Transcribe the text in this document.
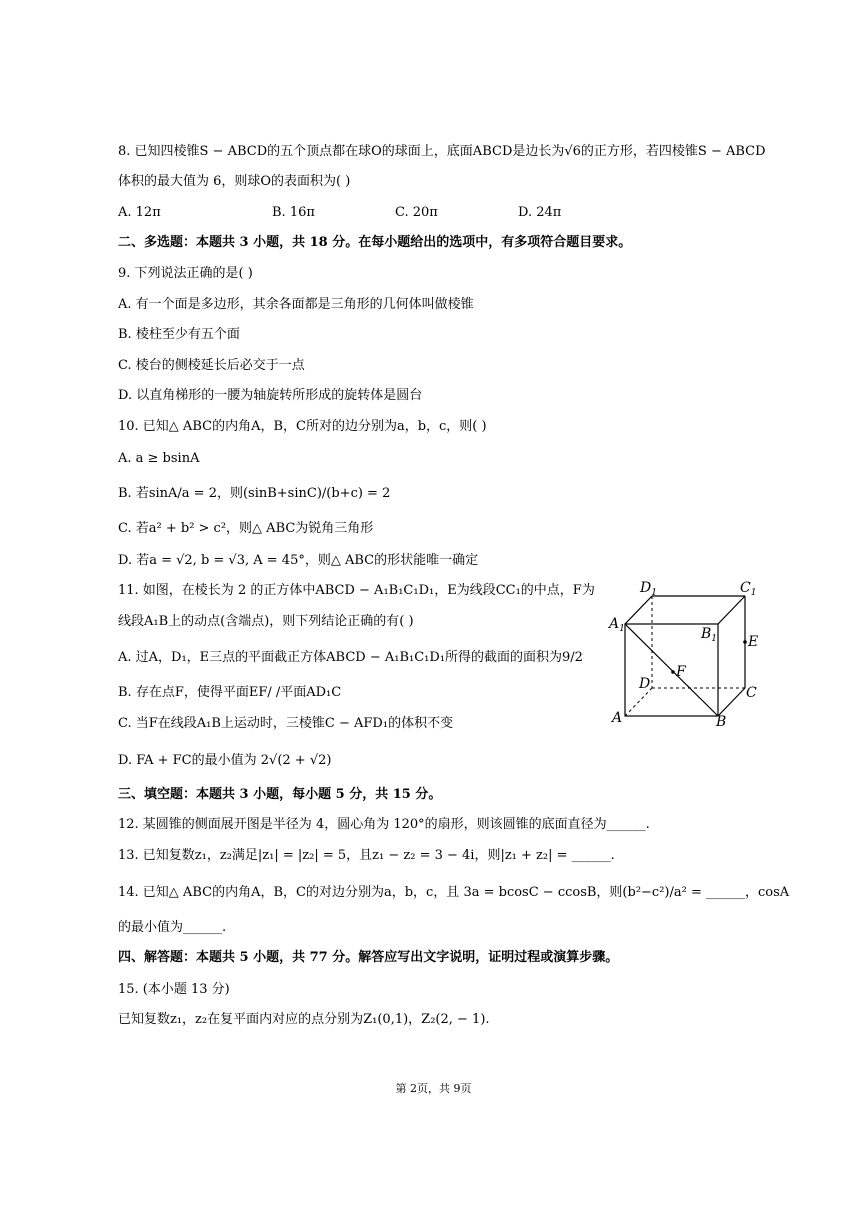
8. 已知四棱锥S − ABCD的五个顶点都在球O的球面上，底面ABCD是边长为√6的正方形，若四棱锥S − ABCD
体积的最大值为 6，则球O的表面积为( )
A. 12π	B. 16π	C. 20π	D. 24π
二、多选题：本题共 3 小题，共 18 分。在每小题给出的选项中，有多项符合题目要求。
9. 下列说法正确的是( )
A. 有一个面是多边形，其余各面都是三角形的几何体叫做棱锥
B. 棱柱至少有五个面
C. 棱台的侧棱延长后必交于一点
D. 以直角梯形的一腰为轴旋转所形成的旋转体是圆台
10. 已知△ ABC的内角A，B，C所对的边分别为a，b，c，则( )
A. a ≥ bsinA
B. 若sinA/a = 2，则(sinB+sinC)/(b+c) = 2
C. 若a² + b² > c²，则△ ABC为锐角三角形
D. 若a = √2, b = √3, A = 45°，则△ ABC的形状能唯一确定
11. 如图，在棱长为 2 的正方体中ABCD − A₁B₁C₁D₁，E为线段CC₁的中点，F为
线段A₁B上的动点(含端点)，则下列结论正确的有( )
A. 过A，D₁，E三点的平面截正方体ABCD − A₁B₁C₁D₁所得的截面的面积为9/2
B. 存在点F，使得平面EF/ /平面AD₁C
C. 当F在线段A₁B上运动时，三棱锥C − AFD₁的体积不变
D. FA + FC的最小值为 2√(2 + √2)
$D_1$	$C_1$
$A_1$	$B_1$ E
F
D
C
A	B
三、填空题：本题共 3 小题，每小题 5 分，共 15 分。
12. 某圆锥的侧面展开图是半径为 4，圆心角为 120°的扇形，则该圆锥的底面直径为______.
13. 已知复数z₁，z₂满足|z₁| = |z₂| = 5，且z₁ − z₂ = 3 − 4i，则|z₁ + z₂| = ______.
14. 已知△ ABC的内角A，B，C的对边分别为a，b，c，且 3a = bcosC − ccosB，则(b²−c²)/a² = ______，cosA
的最小值为______.
四、解答题：本题共 5 小题，共 77 分。解答应写出文字说明，证明过程或演算步骤。
15. (本小题 13 分)
已知复数z₁，z₂在复平面内对应的点分别为Z₁(0,1)，Z₂(2, − 1).
第 2页，共 9页
